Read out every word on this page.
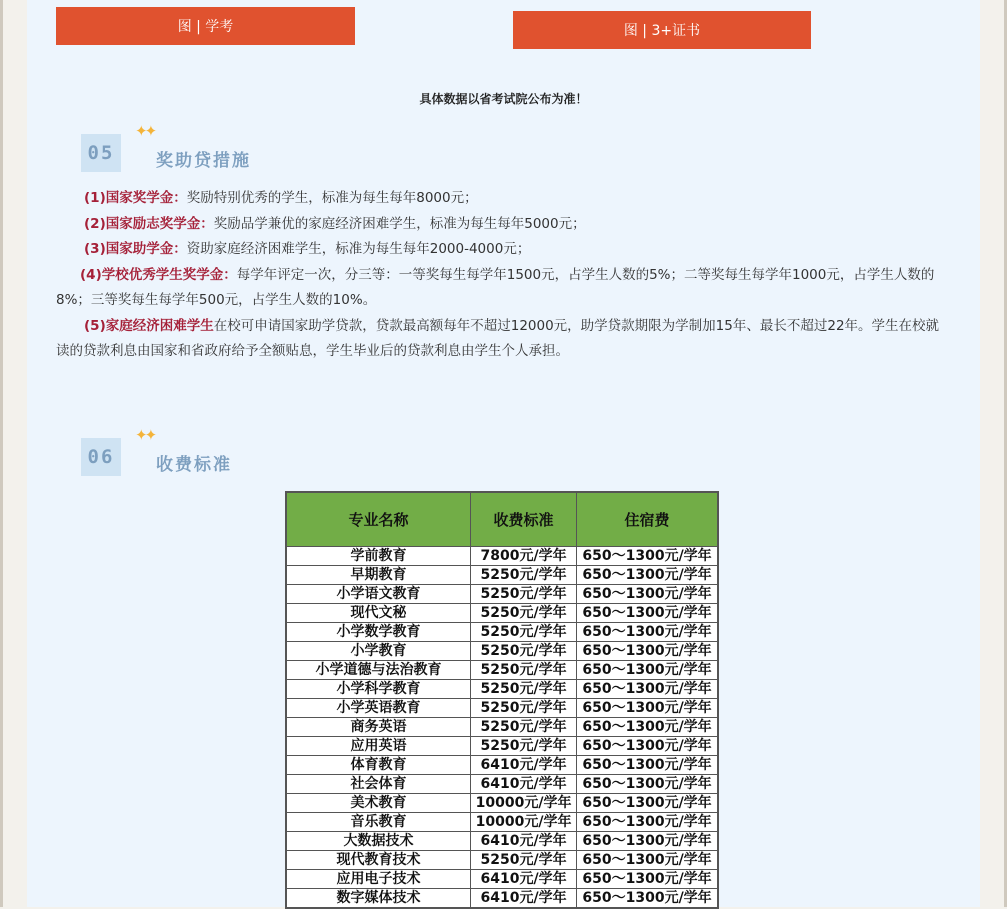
图 | 学考	图 | 3+证书
具体数据以省考试院公布为准！
05
✦✦
奖助贷措施
(1)国家奖学金：奖励特别优秀的学生，标准为每生每年8000元；
(2)国家励志奖学金：奖励品学兼优的家庭经济困难学生，标准为每生每年5000元；
(3)国家助学金：资助家庭经济困难学生，标准为每生每年2000-4000元；
(4)学校优秀学生奖学金：每学年评定一次，分三等：一等奖每生每学年1500元，占学生人数的5%；二等奖每生每学年1000元，占学生人数的8%；三等奖每生每学年500元，占学生人数的10%。
(5)家庭经济困难学生在校可申请国家助学贷款，贷款最高额每年不超过12000元，助学贷款期限为学制加15年、最长不超过22年。学生在校就读的贷款利息由国家和省政府给予全额贴息，学生毕业后的贷款利息由学生个人承担。
06
✦✦
收费标准
专业名称	收费标准	住宿费
学前教育	7800元/学年	650～1300元/学年
早期教育	5250元/学年	650～1300元/学年
小学语文教育	5250元/学年	650～1300元/学年
现代文秘	5250元/学年	650～1300元/学年
小学数学教育	5250元/学年	650～1300元/学年
小学教育	5250元/学年	650～1300元/学年
小学道德与法治教育	5250元/学年	650～1300元/学年
小学科学教育	5250元/学年	650～1300元/学年
小学英语教育	5250元/学年	650～1300元/学年
商务英语	5250元/学年	650～1300元/学年
应用英语	5250元/学年	650～1300元/学年
体育教育	6410元/学年	650～1300元/学年
社会体育	6410元/学年	650～1300元/学年
美术教育	10000元/学年	650～1300元/学年
音乐教育	10000元/学年	650～1300元/学年
大数据技术	6410元/学年	650～1300元/学年
现代教育技术	5250元/学年	650～1300元/学年
应用电子技术	6410元/学年	650～1300元/学年
数字媒体技术	6410元/学年	650～1300元/学年
